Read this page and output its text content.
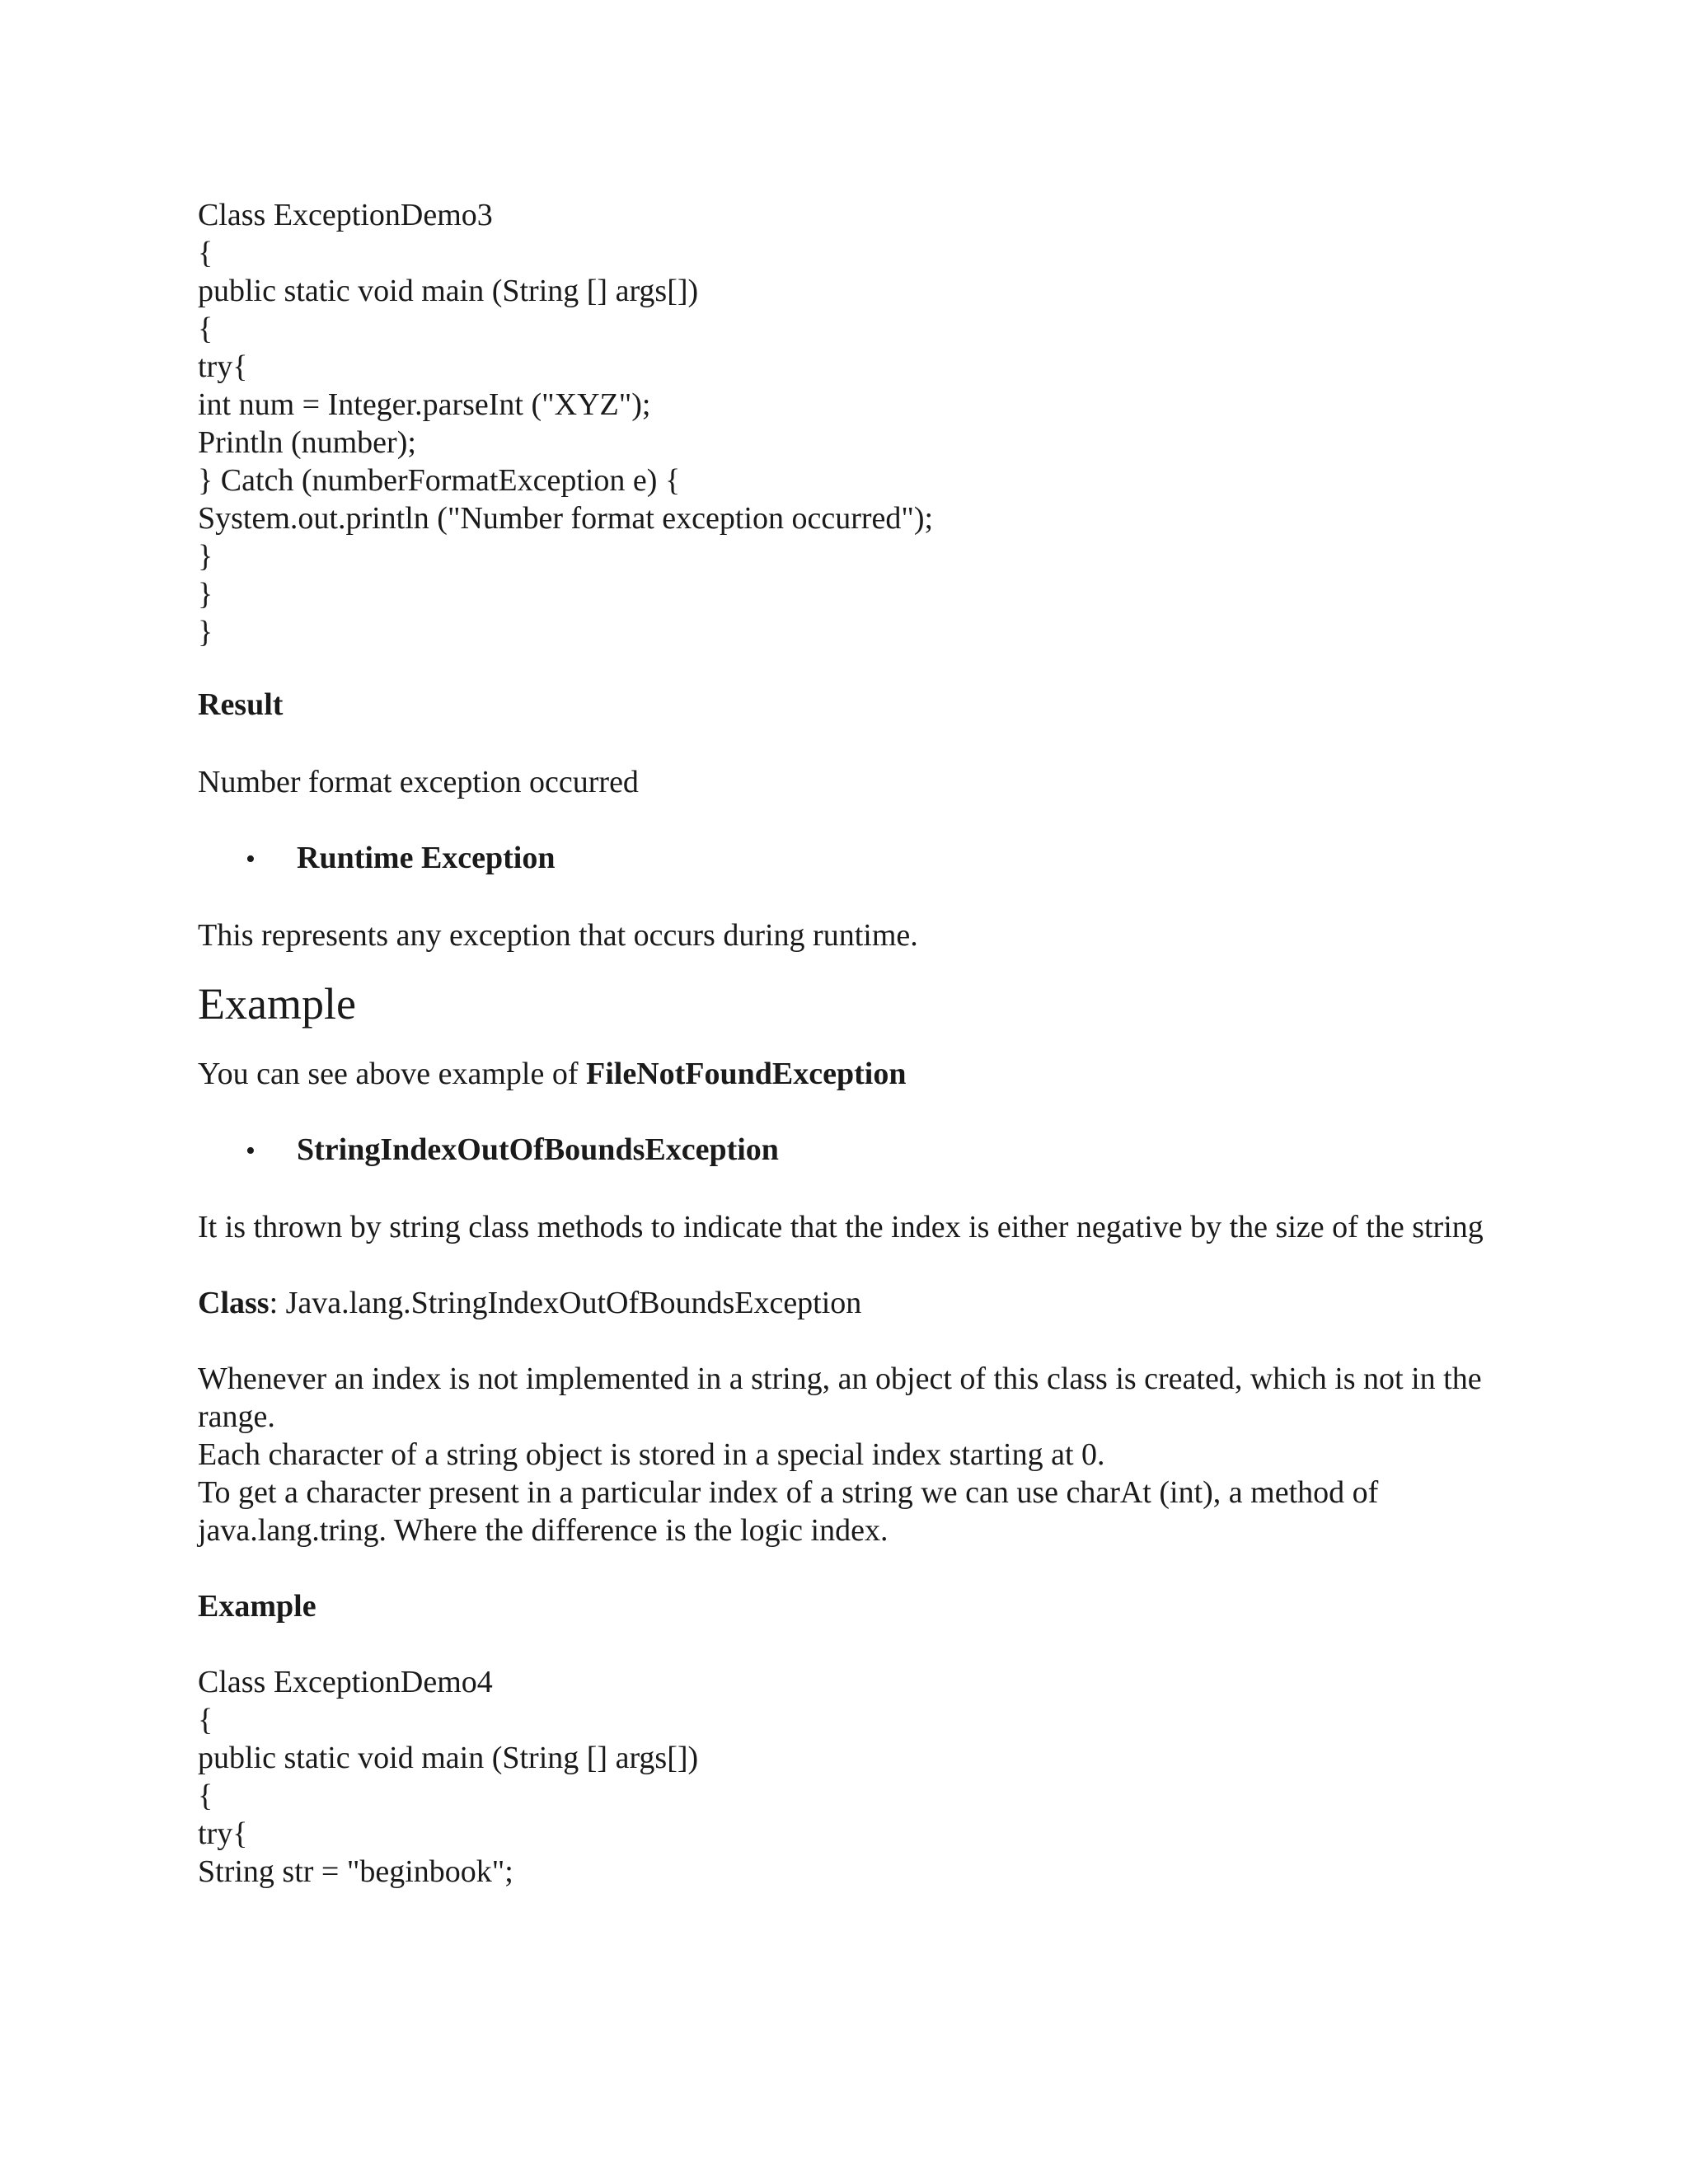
Class ExceptionDemo3

{

public static void main (String [] args[])

{

try{

int num = Integer.parseInt ("XYZ");

Println (number);

} Catch (numberFormatException e) {

System.out.println ("Number format exception occurred");

}

}

}

Result

Number format exception occurred

•	Runtime Exception

This represents any exception that occurs during runtime.

Example

You can see above example of FileNotFoundException

•	StringIndexOutOfBoundsException

It is thrown by string class methods to indicate that the index is either negative by the size of the string

Class: Java.lang.StringIndexOutOfBoundsException

Whenever an index is not implemented in a string, an object of this class is created, which is not in the range.

Each character of a string object is stored in a special index starting at 0.

To get a character present in a particular index of a string we can use charAt (int), a method of java.lang.tring. Where the difference is the logic index.

Example

Class ExceptionDemo4

{

public static void main (String [] args[])

{

try{

String str = "beginbook";
